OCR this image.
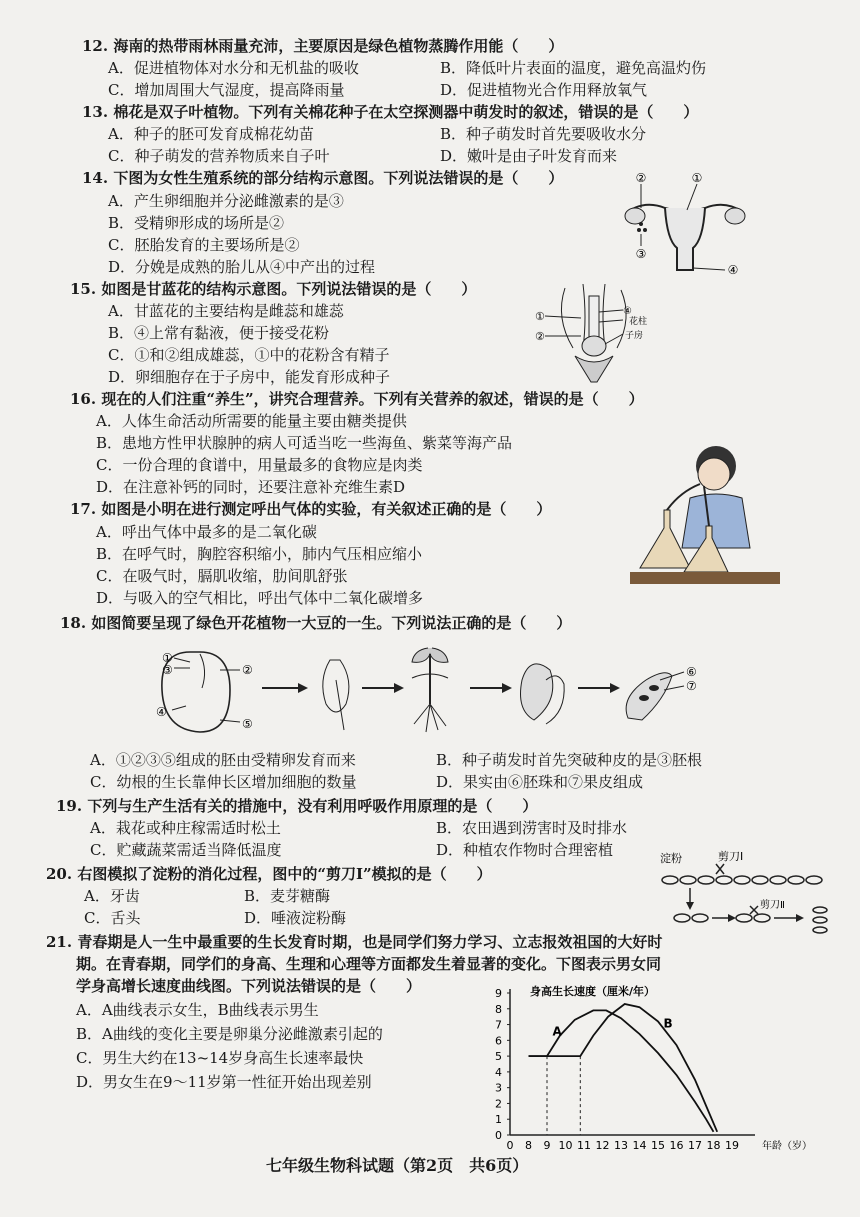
12. 海南的热带雨林雨量充沛，主要原因是绿色植物蒸腾作用能（　　）
A．促进植物体对水分和无机盐的吸收	B．降低叶片表面的温度，避免高温灼伤
C．增加周围大气湿度，提高降雨量	D．促进植物光合作用释放氧气
13. 棉花是双子叶植物。下列有关棉花种子在太空探测器中萌发时的叙述，错误的是（　　）
A．种子的胚可发育成棉花幼苗	B．种子萌发时首先要吸收水分
C．种子萌发的营养物质来自子叶	D．嫩叶是由子叶发育而来
14. 下图为女性生殖系统的部分结构示意图。下列说法错误的是（　　）
A．产生卵细胞并分泌雌激素的是③
B．受精卵形成的场所是②
C．胚胎发育的主要场所是②
D．分娩是成熟的胎儿从④中产出的过程
②	①
③
④
15. 如图是甘蓝花的结构示意图。下列说法错误的是（　　）
A．甘蓝花的主要结构是雌蕊和雄蕊
B．④上常有黏液，便于接受花粉
C．①和②组成雄蕊，①中的花粉含有精子
D．卵细胞存在于子房中，能发育形成种子
①
②
④
花柱
子房
16. 现在的人们注重“养生”，讲究合理营养。下列有关营养的叙述，错误的是（　　）
A．人体生命活动所需要的能量主要由糖类提供
B．患地方性甲状腺肿的病人可适当吃一些海鱼、紫菜等海产品
C．一份合理的食谱中，用量最多的食物应是肉类
D．在注意补钙的同时，还要注意补充维生素D
17. 如图是小明在进行测定呼出气体的实验，有关叙述正确的是（　　）
A．呼出气体中最多的是二氧化碳
B．在呼气时，胸腔容积缩小，肺内气压相应缩小
C．在吸气时，膈肌收缩，肋间肌舒张
D．与吸入的空气相比，呼出气体中二氧化碳增多
18. 如图简要呈现了绿色开花植物一大豆的一生。下列说法正确的是（　　）
①
③	②
④
⑤
⑥
⑦
A．①②③⑤组成的胚由受精卵发育而来	B．种子萌发时首先突破种皮的是③胚根
C．幼根的生长靠伸长区增加细胞的数量	D．果实由⑥胚珠和⑦果皮组成
19. 下列与生产生活有关的措施中，没有利用呼吸作用原理的是（　　）
A．栽花或种庄稼需适时松土	B．农田遇到涝害时及时排水
C．贮藏蔬菜需适当降低温度	D．种植农作物时合理密植
20. 右图模拟了淀粉的消化过程，图中的“剪刀Ⅰ”模拟的是（　　）
A．牙齿	B．麦芽糖酶
C．舌头	D．唾液淀粉酶
淀粉	剪刀Ⅰ
剪刀Ⅱ
21. 青春期是人一生中最重要的生长发育时期，也是同学们努力学习、立志报效祖国的大好时
期。在青春期，同学们的身高、生理和心理等方面都发生着显著的变化。下图表示男女同
学身高增长速度曲线图。下列说法错误的是（　　）
A．A曲线表示女生，B曲线表示男生
B．A曲线的变化主要是卵巢分泌雌激素引起的
C．男生大约在13~14岁身高生长速率最快
D．男女生在9～11岁第一性征开始出现差别
0
1
2
3
4
5
6
7
8
9
0 8 9 10 11 12 13 14 15 16 17 18 19 年龄（岁）
身高生长速度（厘米/年）
A
B
七年级生物科试题（第2页　共6页）
